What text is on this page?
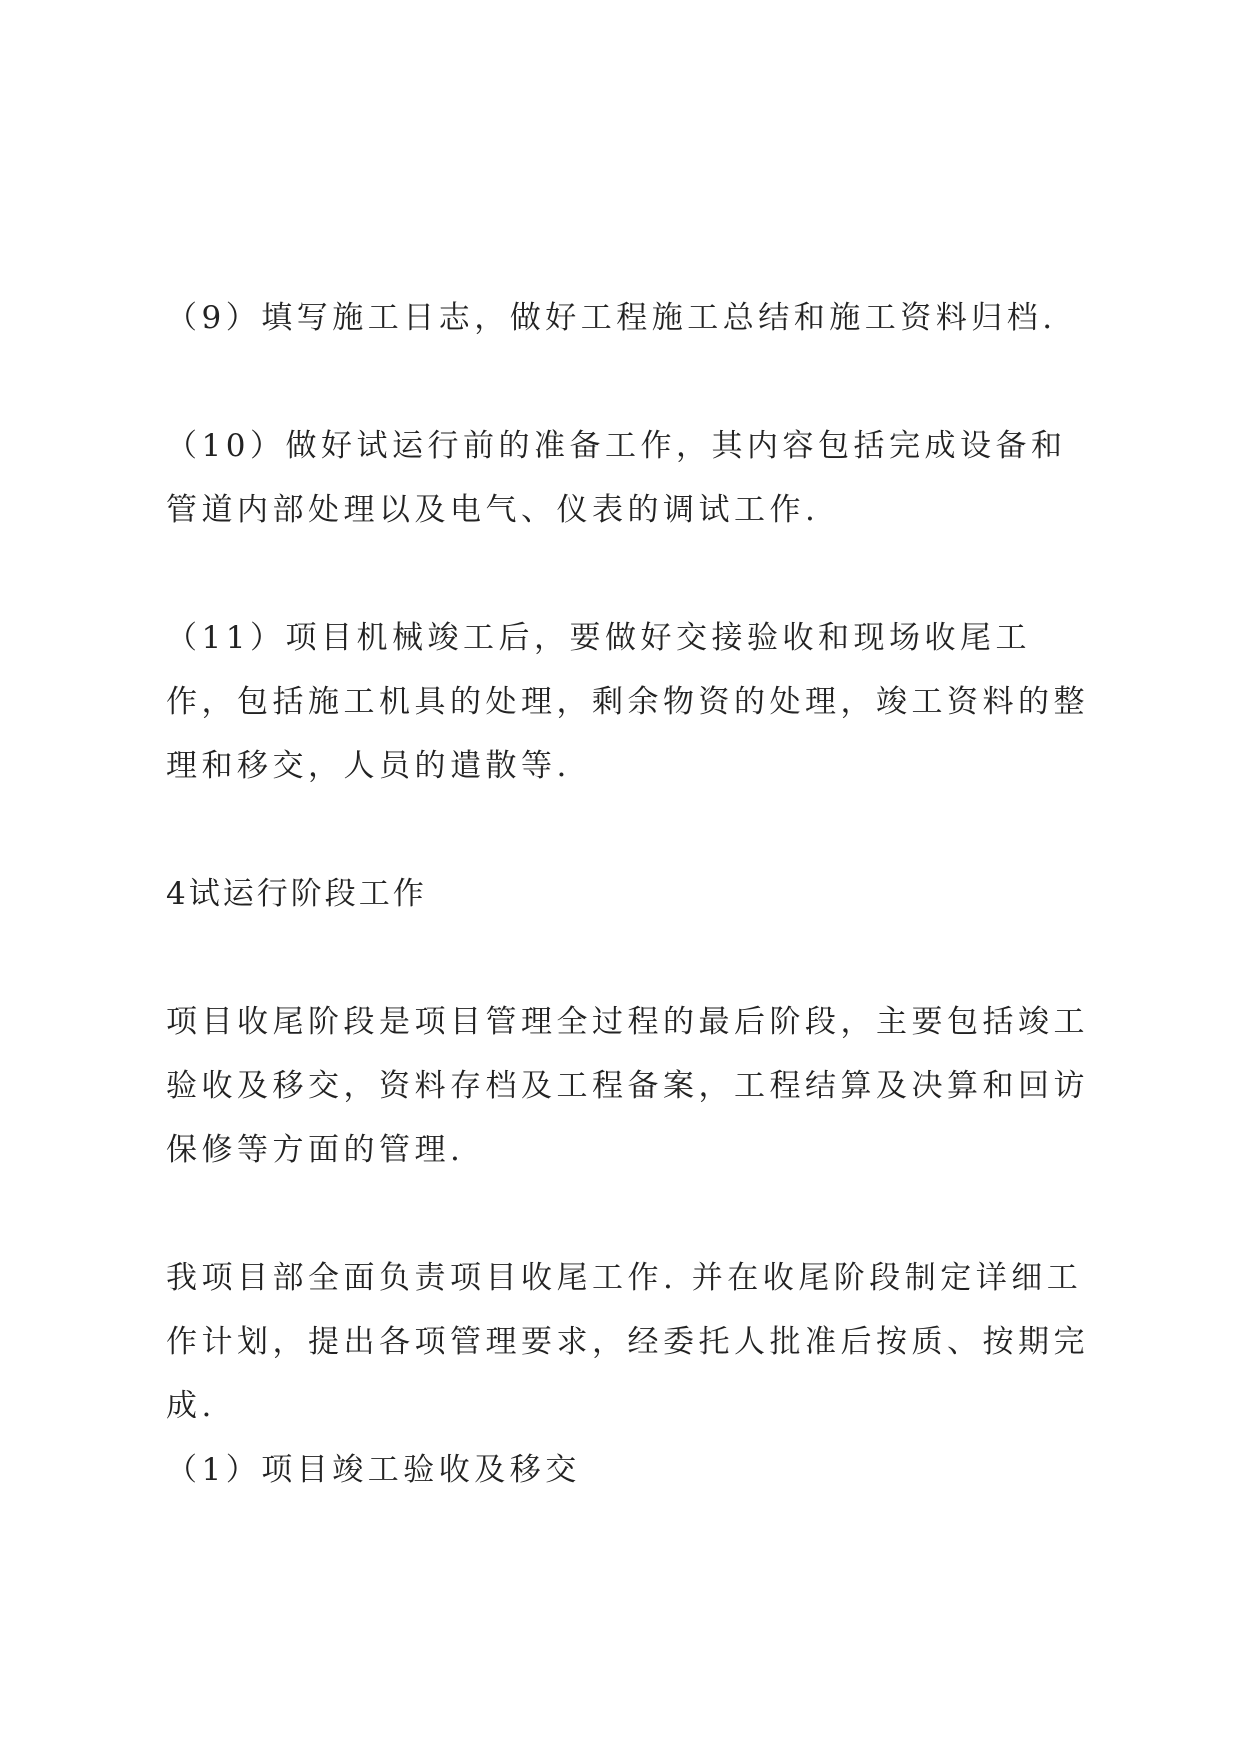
（9）填写施工日志，做好工程施工总结和施工资料归档.

（10）做好试运行前的准备工作，其内容包括完成设备和管道内部处理以及电气、仪表的调试工作.

（11）项目机械竣工后，要做好交接验收和现场收尾工作，包括施工机具的处理，剩余物资的处理，竣工资料的整理和移交，人员的遣散等.

4试运行阶段工作

项目收尾阶段是项目管理全过程的最后阶段，主要包括竣工验收及移交，资料存档及工程备案，工程结算及决算和回访保修等方面的管理.

我项目部全面负责项目收尾工作. 并在收尾阶段制定详细工作计划，提出各项管理要求，经委托人批准后按质、按期完成.

（1）项目竣工验收及移交
